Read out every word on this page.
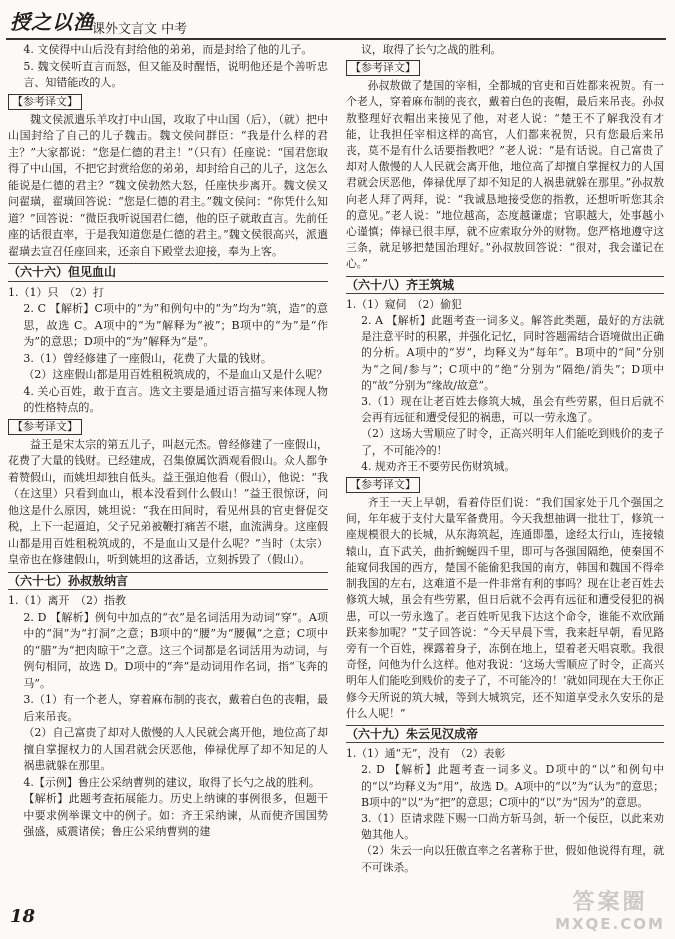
授之以渔
课外文言文 中考

4. 文侯得中山后没有封给他的弟弟，而是封给了他的儿子。

5. 魏文侯听直言而怒，但又能及时醒悟，说明他还是个善听忠言、知错能改的人。

【参考译文】

魏文侯派遣乐羊攻打中山国，攻取了中山国（后），（就）把中山国封给了自己的儿子魏击。魏文侯问群臣：“我是什么样的君主？”大家都说：“您是仁德的君主！”（只有）任座说：“国君您取得了中山国，不把它封赏给您的弟弟，却封给自己的儿子，这怎么能说是仁德的君主？”魏文侯勃然大怒，任座快步离开。魏文侯又问翟璜，翟璜回答说：“您是仁德的君主。”魏文侯问：“你凭什么知道？”回答说：“微臣我听说国君仁德，他的臣子就敢直言。先前任座的话很直率，于是我知道您是仁德的君主。”魏文侯很高兴，派遣翟璜去宣召任座回来，还亲自下殿堂去迎接，奉为上客。

（六十六）但见血山

1.（1）只　（2）打

2. C 【解析】C项中的“为”和例句中的“为”均为“筑，造”的意思，故选 C。A项中的“为”解释为“被”；B项中的“为”是“作为”的意思；D项中的“为”解释为“是”。

3.（1）曾经修建了一座假山，花费了大量的钱财。

（2）这座假山都是用百姓租税筑成的，不是血山又是什么呢？

4. 关心百姓，敢于直言。选文主要是通过语言描写来体现人物的性格特点的。

【参考译文】

益王是宋太宗的第五儿子，叫赵元杰。曾经修建了一座假山，花费了大量的钱财。已经建成，召集僚属饮酒观看假山。众人都争着赞假山，而姚坦却独自低头。益王强迫他看（假山），他说：“我（在这里）只看到血山，根本没看到什么假山！”益王很惊讶，问他这是什么原因，姚坦说：“我在田间时，看见州县的官吏督促交税，上下一起逼迫，父子兄弟被鞭打痛苦不堪，血流满身。这座假山都是用百姓租税筑成的，不是血山又是什么呢？”当时（太宗）皇帝也在修建假山，听到姚坦的这番话，立刻拆毁了（假山）。

（六十七）孙叔敖纳言

1.（1）离开　（2）指教

2. D 【解析】例句中加点的“衣”是名词活用为动词“穿”。A项中的“洞”为“打洞”之意；B项中的“腰”为“腰佩”之意；C项中的“腊”为“把肉晾干”之意。这三个词都是名词活用为动词，与例句相同，故选 D。D项中的“奔”是动词用作名词，指“飞奔的马”。

3.（1）有一个老人，穿着麻布制的丧衣，戴着白色的丧帽，最后来吊丧。

（2）自己富贵了却对人傲慢的人人民就会离开他，地位高了却擅自掌握权力的人国君就会厌恶他，俸禄优厚了却不知足的人祸患就躲在那里。

4.【示例】鲁庄公采纳曹刿的建议，取得了长勺之战的胜利。

【解析】此题考查拓展能力。历史上纳谏的事例很多，但题干中要求例举课文中的例子。如：齐王采纳谏，从而使齐国国势强盛，威震诸侯；鲁庄公采纳曹刿的建

议，取得了长勺之战的胜利。

【参考译文】

孙叔敖做了楚国的宰相，全都城的官吏和百姓都来祝贺。有一个老人，穿着麻布制的丧衣，戴着白色的丧帽，最后来吊丧。孙叔敖整理好衣帽出来接见了他，对老人说：“楚王不了解我没有才能，让我担任宰相这样的高官，人们都来祝贺，只有您最后来吊丧，莫不是有什么话要指教吧？”老人说：“是有话说。自己富贵了却对人傲慢的人人民就会离开他，地位高了却擅自掌握权力的人国君就会厌恶他，俸禄优厚了却不知足的人祸患就躲在那里。”孙叔敖向老人拜了两拜，说：“我诚恳地接受您的指教，还想听听您其余的意见。”老人说：“地位越高，态度越谦虚；官职越大，处事越小心谨慎；俸禄已很丰厚，就不应索取分外的财物。您严格地遵守这三条，就足够把楚国治理好。”孙叔敖回答说：“很对，我会谨记在心。”

（六十八）齐王筑城

1.（1）窥伺　（2）偷犯

2. A 【解析】此题考查一词多义。解答此类题，最好的方法就是注意平时的积累，并强化记忆，同时答题需结合语境做出正确的分析。A项中的“岁”，均释义为“每年”。B项中的“间”分别为“之间/参与”；C项中的“绝”分别为“隔绝/消失”；D项中的“故”分别为“缘故/故意”。

3.（1）现在让老百姓去修筑大城，虽会有些劳累，但日后就不会再有远征和遭受侵犯的祸患，可以一劳永逸了。

（2）这场大雪顺应了时令，正高兴明年人们能吃到贱价的麦子了，不可能冷的！

4. 规劝齐王不要劳民伤财筑城。

【参考译文】

齐王一天上早朝，看着侍臣们说：“我们国家处于几个强国之间，年年疲于支付大量军备费用。今天我想抽调一批壮丁，修筑一座规模很大的长城，从东海筑起，连通即墨，途经太行山，连接辕辕山，直下武关，曲折蜿蜒四千里，即可与各强国隔绝，使秦国不能窥伺我国的西方，楚国不能偷犯我国的南方，韩国和魏国不得牵制我国的左右，这难道不是一件非常有利的事吗？现在让老百姓去修筑大城，虽会有些劳累，但日后就不会再有远征和遭受侵犯的祸患，可以一劳永逸了。老百姓听见我下达这个命令，谁能不欢欣踊跃来参加呢？”艾子回答说：“今天早晨下雪，我来赶早朝，看见路旁有一个百姓，裸露着身子，冻倒在地上，望着老天唱哀歌。我很奇怪，问他为什么这样。他对我说：‘这场大雪顺应了时令，正高兴明年人们能吃到贱价的麦子了，不可能冷的！’就如同现在大王你正修今天所说的筑大城，等到大城筑完，还不知道享受永久安乐的是什么人呢！”

（六十九）朱云见汉成帝

1.（1）通“无”，没有　（2）表彰

2. D 【解析】此题考查一词多义。D项中的“以”和例句中的“以”均释义为“用”，故选 D。A项中的“以”为“认为”的意思；B项中的“以”为“把”的意思；C项中的“以”为“因为”的意思。

3.（1）臣请求陛下赐一口尚方斩马剑，斩一个佞臣，以此来劝勉其他人。

（2）朱云一向以狂傲直率之名著称于世，假如他说得有理，就不可诛杀。

18
答案圈
MXQE.COM
